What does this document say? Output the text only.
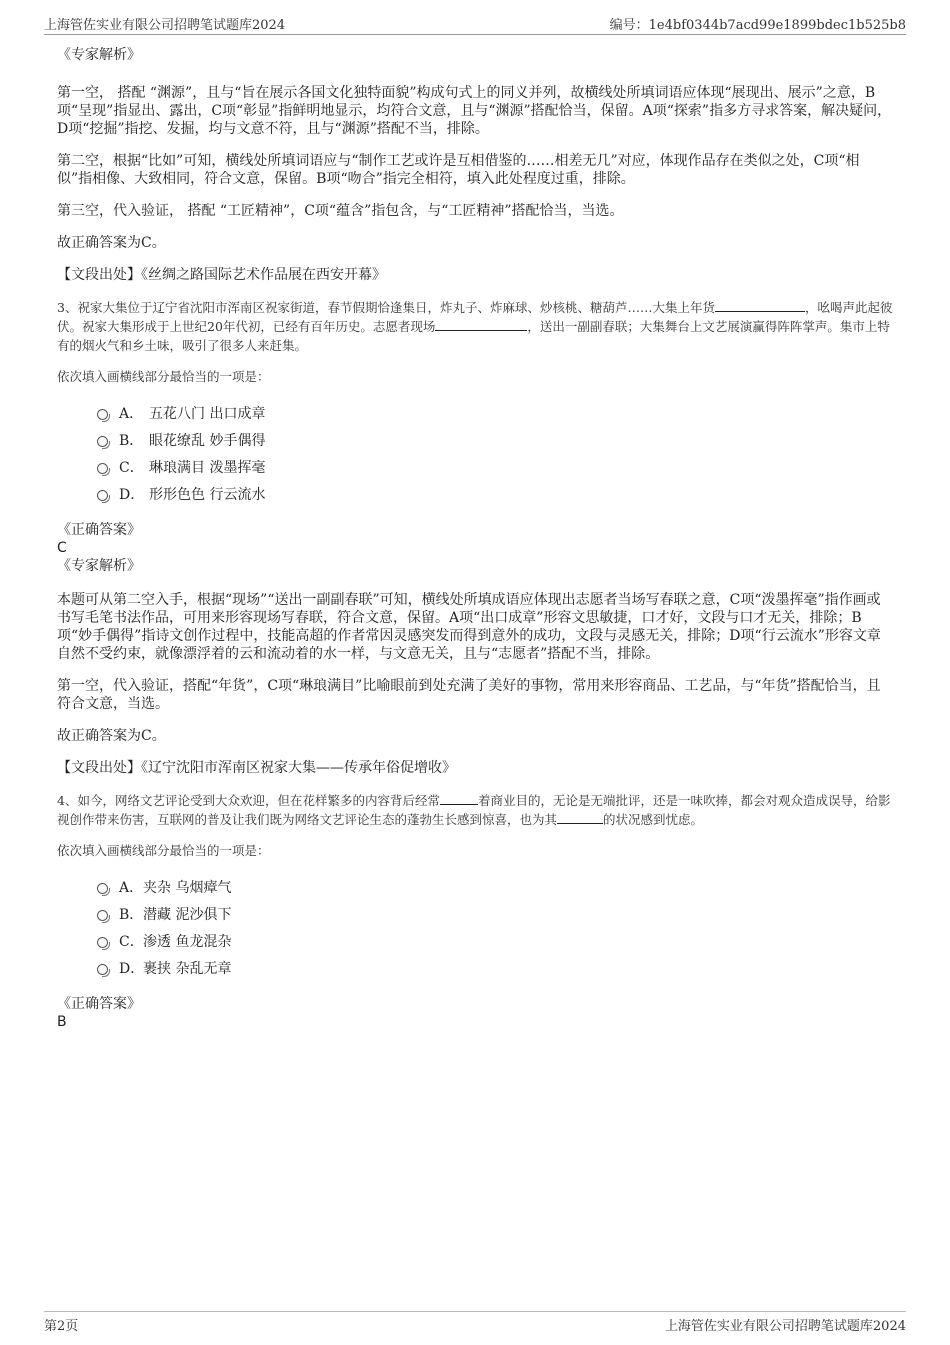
上海管佐实业有限公司招聘笔试题库2024	编号：1e4bf0344b7acd99e1899bdec1b525b8

《专家解析》

第一空， 搭配 “渊源”，且与“旨在展示各国文化独特面貌”构成句式上的同义并列，故横线处所填词语应体现“展现出、展示”之意，B项“呈现”指显出、露出，C项“彰显”指鲜明地显示，均符合文意，且与“渊源”搭配恰当，保留。A项“探索”指多方寻求答案，解决疑问，D项“挖掘”指挖、发掘，均与文意不符，且与“渊源”搭配不当，排除。

第二空，根据“比如”可知，横线处所填词语应与“制作工艺或许是互相借鉴的……相差无几”对应，体现作品存在类似之处，C项“相似”指相像、大致相同，符合文意，保留。B项“吻合”指完全相符，填入此处程度过重，排除。

第三空，代入验证， 搭配 “工匠精神”，C项“蕴含”指包含，与“工匠精神”搭配恰当，当选。

故正确答案为C。

【文段出处】《丝绸之路国际艺术作品展在西安开幕》

3、祝家大集位于辽宁省沈阳市浑南区祝家街道，春节假期恰逢集日，炸丸子、炸麻球、炒核桃、糖葫芦……大集上年货	，吆喝声此起彼伏。祝家大集形成于上世纪20年代初，已经有百年历史。志愿者现场	，送出一副副春联；大集舞台上文艺展演赢得阵阵掌声。集市上特有的烟火气和乡土味，吸引了很多人来赶集。

依次填入画横线部分最恰当的一项是：

A． 五花八门 出口成章
B． 眼花缭乱 妙手偶得
C． 琳琅满目 泼墨挥毫
D． 形形色色 行云流水

《正确答案》

C

《专家解析》

本题可从第二空入手，根据“现场”“送出一副副春联”可知，横线处所填成语应体现出志愿者当场写春联之意，C项“泼墨挥毫”指作画或书写毛笔书法作品，可用来形容现场写春联，符合文意，保留。A项“出口成章”形容文思敏捷，口才好，文段与口才无关，排除；B项“妙手偶得”指诗文创作过程中，技能高超的作者常因灵感突发而得到意外的成功，文段与灵感无关，排除；D项“行云流水”形容文章自然不受约束，就像漂浮着的云和流动着的水一样，与文意无关，且与“志愿者”搭配不当，排除。

第一空，代入验证，搭配“年货”，C项“琳琅满目”比喻眼前到处充满了美好的事物，常用来形容商品、工艺品，与“年货”搭配恰当，且符合文意，当选。

故正确答案为C。

【文段出处】《辽宁沈阳市浑南区祝家大集——传承年俗促增收》

4、如今，网络文艺评论受到大众欢迎，但在花样繁多的内容背后经常	着商业目的，无论是无端批评，还是一味吹捧，都会对观众造成误导，给影视创作带来伤害，互联网的普及让我们既为网络文艺评论生态的蓬勃生长感到惊喜，也为其	的状况感到忧虑。

依次填入画横线部分最恰当的一项是：

A．夹杂 乌烟瘴气
B．潜藏 泥沙俱下
C．渗透 鱼龙混杂
D．裹挟 杂乱无章

《正确答案》

B

第2页	上海管佐实业有限公司招聘笔试题库2024
